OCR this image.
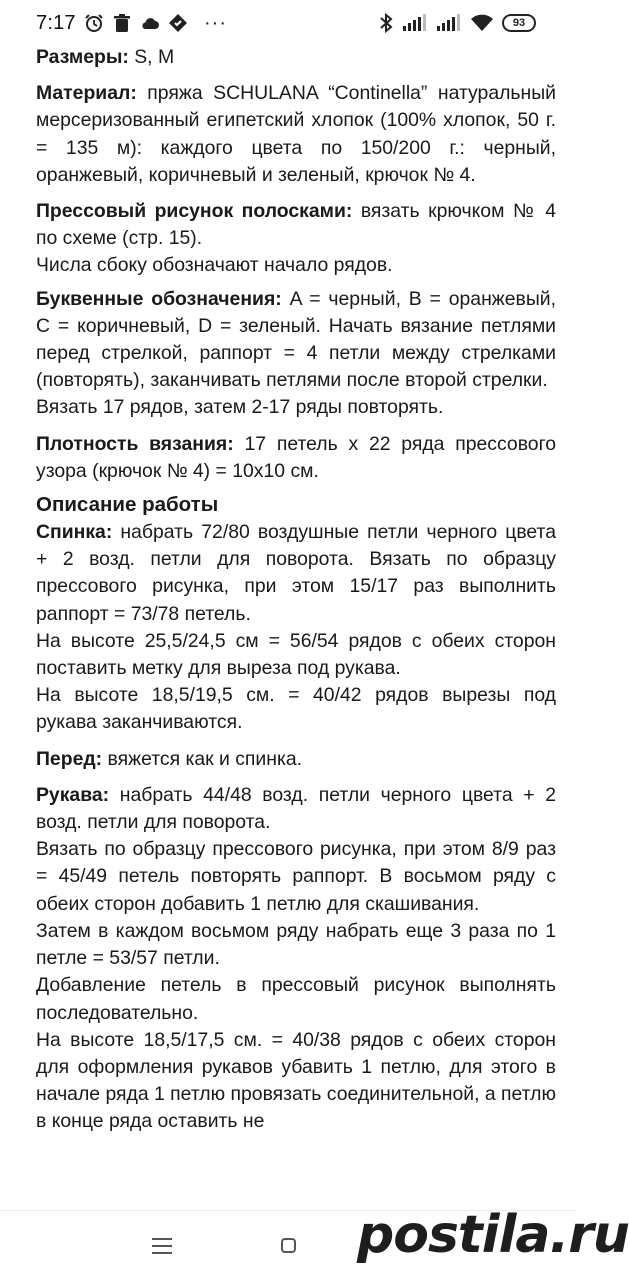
7:17	···	93

Размеры: S, M

Материал: пряжа SCHULANA “Continella” натуральный мерсеризованный египетский хлопок (100% хлопок, 50 г. = 135 м): каждого цвета по 150/200 г.: черный, оранжевый, коричневый и зеленый, крючок № 4.

Прессовый рисунок полосками: вязать крючком № 4 по схеме (стр. 15).

Числа сбоку обозначают начало рядов.

Буквенные обозначения: A = черный, B = оранжевый, C = коричневый, D = зеленый. Начать вязание петлями перед стрелкой, раппорт = 4 петли между стрелками (повторять), заканчивать петлями после второй стрелки.

Вязать 17 рядов, затем 2-17 ряды повторять.

Плотность вязания: 17 петель x 22 ряда прессового узора (крючок № 4) = 10x10 см.

Описание работы

Спинка: набрать 72/80 воздушные петли черного цвета + 2 возд. петли для поворота. Вязать по образцу прессового рисунка, при этом 15/17 раз выполнить раппорт = 73/78 петель.

На высоте 25,5/24,5 см = 56/54 рядов с обеих сторон поставить метку для выреза под рукава.

На высоте 18,5/19,5 см. = 40/42 рядов вырезы под рукава заканчиваются.

Перед: вяжется как и спинка.

Рукава: набрать 44/48 возд. петли черного цвета + 2 возд. петли для поворота.

Вязать по образцу прессового рисунка, при этом 8/9 раз = 45/49 петель повторять раппорт. В восьмом ряду с обеих сторон добавить 1 петлю для скашивания.

Затем в каждом восьмом ряду набрать еще 3 раза по 1 петле = 53/57 петли.

Добавление петель в прессовый рисунок выполнять последовательно.

На высоте 18,5/17,5 см. = 40/38 рядов с обеих сторон для оформления рукавов убавить 1 петлю, для этого в начале ряда 1 петлю провязать соединительной, а петлю в конце ряда оставить не

postila.ru
